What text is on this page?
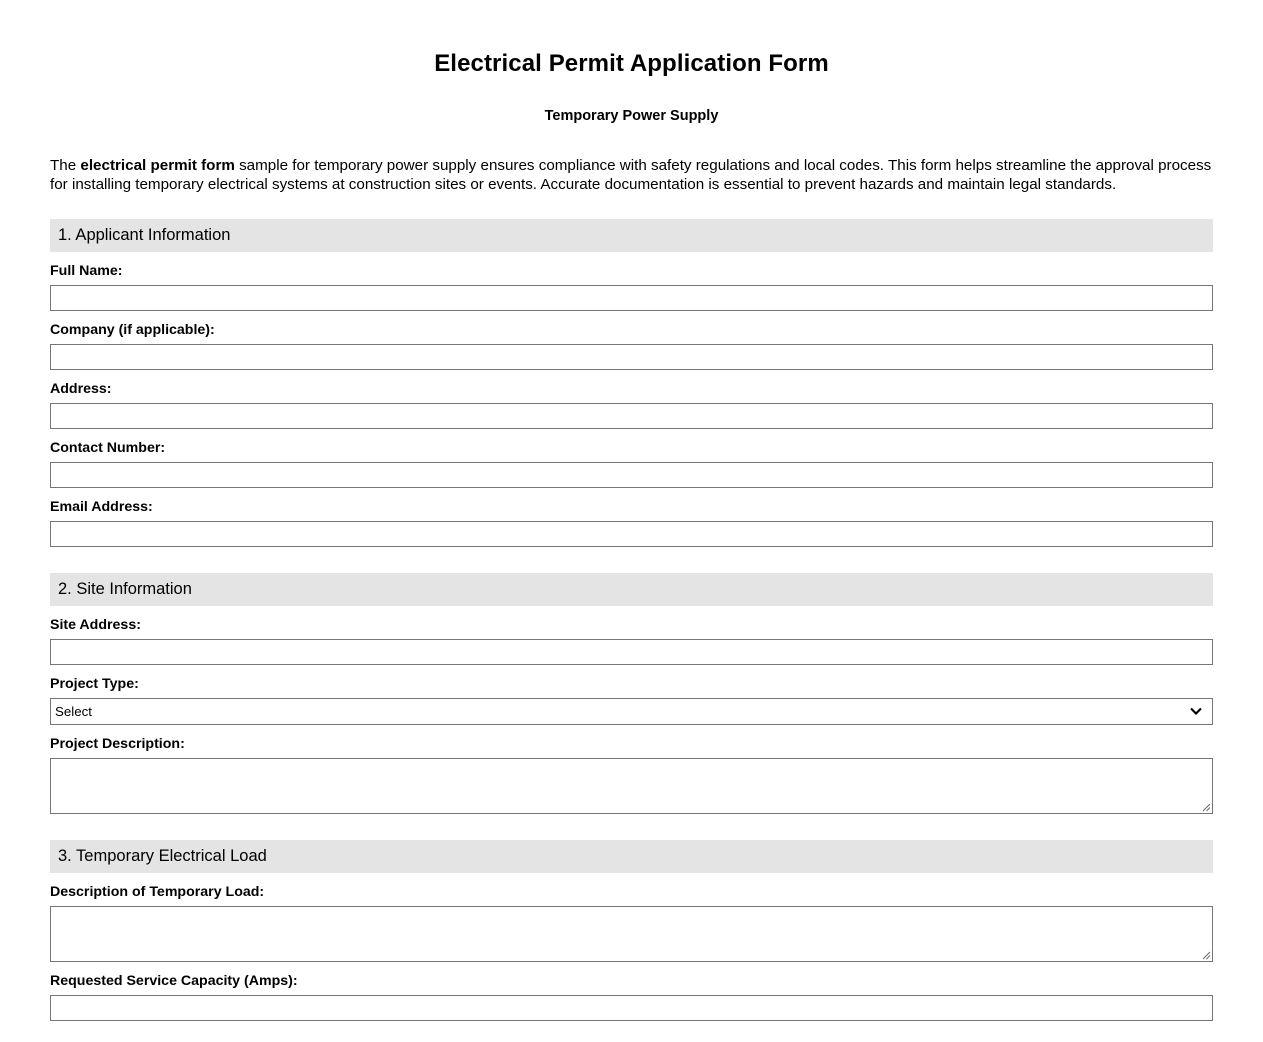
Electrical Permit Application Form
Temporary Power Supply

The electrical permit form sample for temporary power supply ensures compliance with safety regulations and local codes. This form helps streamline the approval process for installing temporary electrical systems at construction sites or events. Accurate documentation is essential to prevent hazards and maintain legal standards.

1. Applicant Information
Full Name:
Company (if applicable):
Address:
Contact Number:
Email Address:
2. Site Information
Site Address:
Project Type:
Select
Project Description:
3. Temporary Electrical Load
Description of Temporary Load:
Requested Service Capacity (Amps):
